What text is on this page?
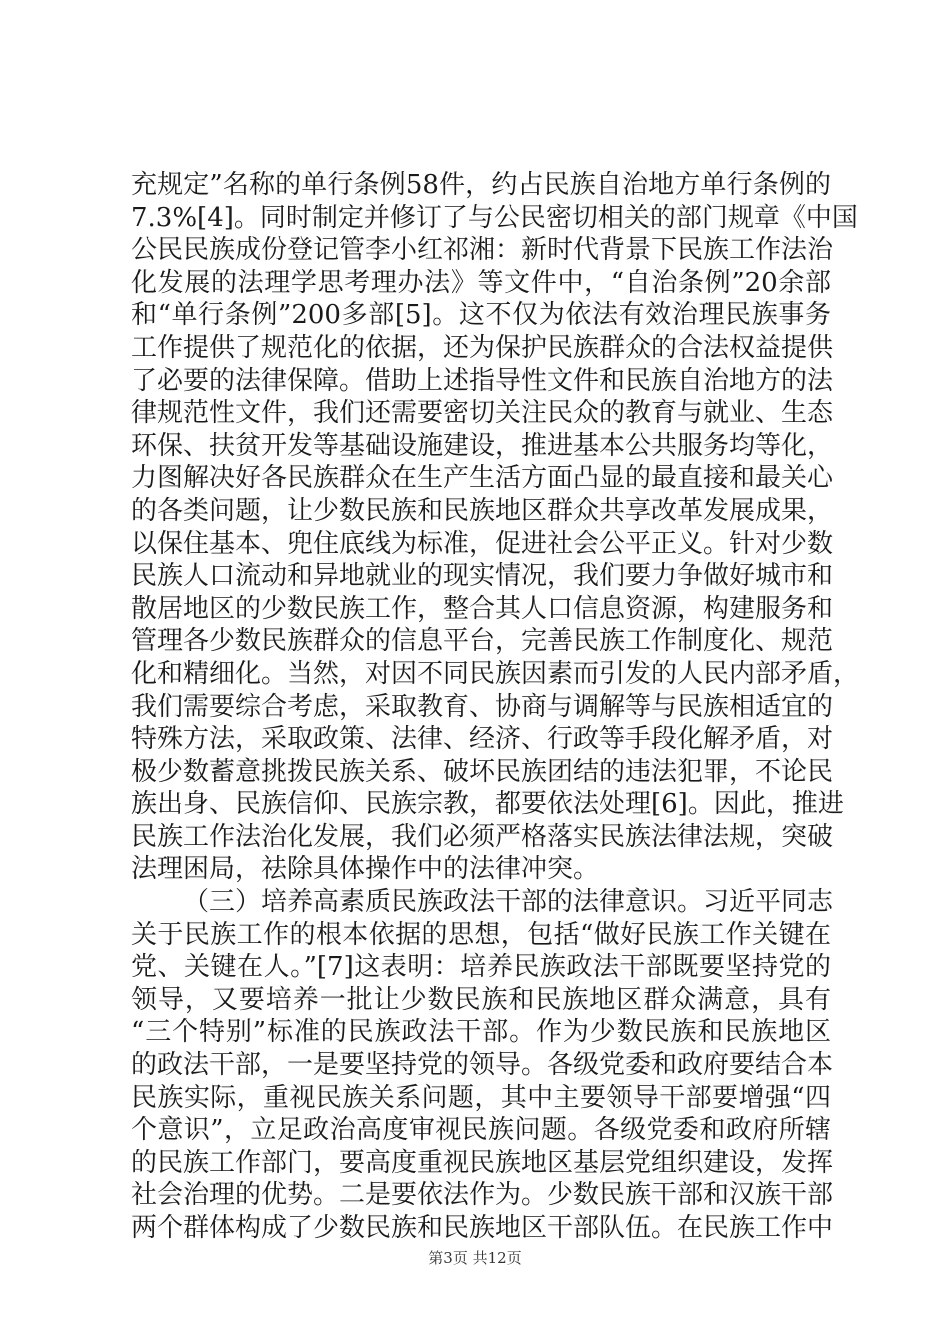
充规定”名称的单行条例58件，约占民族自治地方单行条例的
7.3%[4]。同时制定并修订了与公民密切相关的部门规章《中国
公民民族成份登记管李小红祁湘：新时代背景下民族工作法治
化发展的法理学思考理办法》等文件中，“自治条例”20余部
和“单行条例”200多部[5]。这不仅为依法有效治理民族事务
工作提供了规范化的依据，还为保护民族群众的合法权益提供
了必要的法律保障。借助上述指导性文件和民族自治地方的法
律规范性文件，我们还需要密切关注民众的教育与就业、生态
环保、扶贫开发等基础设施建设，推进基本公共服务均等化，
力图解决好各民族群众在生产生活方面凸显的最直接和最关心
的各类问题，让少数民族和民族地区群众共享改革发展成果，
以保住基本、兜住底线为标准，促进社会公平正义。针对少数
民族人口流动和异地就业的现实情况，我们要力争做好城市和
散居地区的少数民族工作，整合其人口信息资源，构建服务和
管理各少数民族群众的信息平台，完善民族工作制度化、规范
化和精细化。当然，对因不同民族因素而引发的人民内部矛盾，
我们需要综合考虑，采取教育、协商与调解等与民族相适宜的
特殊方法，采取政策、法律、经济、行政等手段化解矛盾，对
极少数蓄意挑拨民族关系、破坏民族团结的违法犯罪，不论民
族出身、民族信仰、民族宗教，都要依法处理[6]。因此，推进
民族工作法治化发展，我们必须严格落实民族法律法规，突破
法理困局，祛除具体操作中的法律冲突。
（三）培养高素质民族政法干部的法律意识。习近平同志
关于民族工作的根本依据的思想，包括“做好民族工作关键在
党、关键在人。”[7]这表明：培养民族政法干部既要坚持党的
领导，又要培养一批让少数民族和民族地区群众满意，具有
“三个特别”标准的民族政法干部。作为少数民族和民族地区
的政法干部，一是要坚持党的领导。各级党委和政府要结合本
民族实际，重视民族关系问题，其中主要领导干部要增强“四
个意识”，立足政治高度审视民族问题。各级党委和政府所辖
的民族工作部门，要高度重视民族地区基层党组织建设，发挥
社会治理的优势。二是要依法作为。少数民族干部和汉族干部
两个群体构成了少数民族和民族地区干部队伍。在民族工作中
第3页 共12页
